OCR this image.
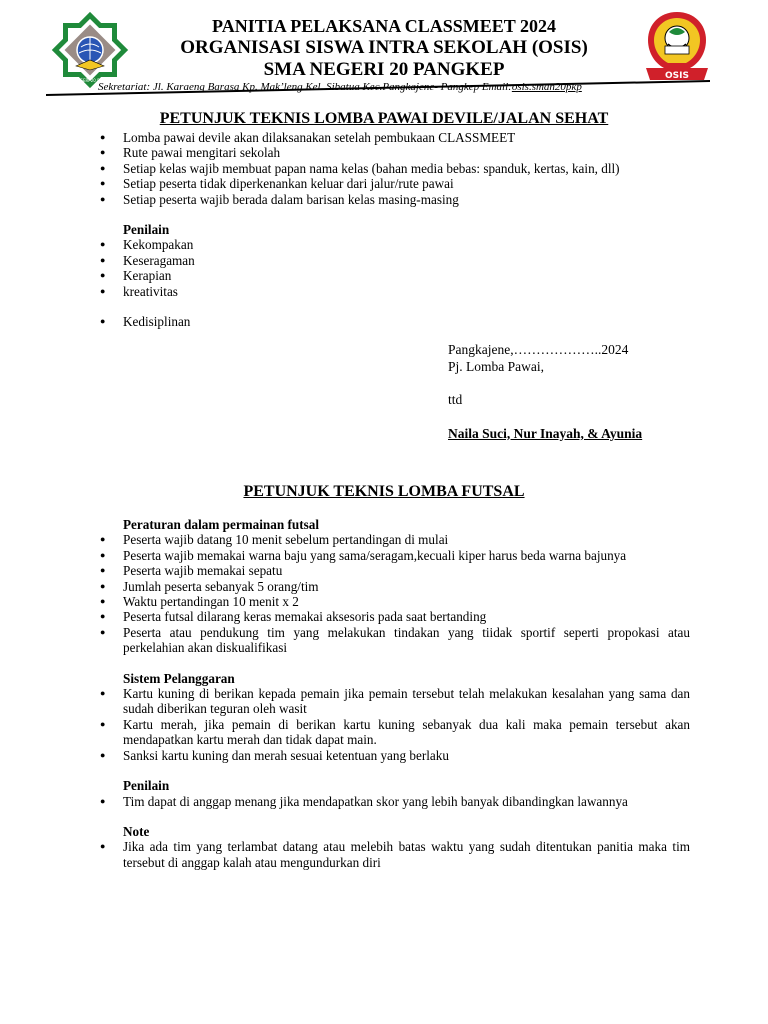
SMA NEGERI 20 PANGKEP
PANITIA PELAKSANA CLASSMEET 2024
ORGANISASI SISWA INTRA SEKOLAH (OSIS)
SMA NEGERI 20 PANGKEP	OSIS
Sekretariat: Jl. Karaeng Barasa Kp. Mak’leng Kel. Sibatua Kec.Pangkajene- Pangkep Email:osis.sman20pkp
PETUNJUK TEKNIS LOMBA PAWAI DEVILE/JALAN SEHAT
● Lomba pawai devile akan dilaksanakan setelah pembukaan CLASSMEET
● Rute pawai mengitari sekolah
● Setiap kelas wajib membuat papan nama kelas (bahan media bebas: spanduk, kertas, kain, dll)
● Setiap peserta tidak diperkenankan keluar dari jalur/rute pawai
● Setiap peserta wajib berada dalam barisan kelas masing-masing
Penilain
● Kekompakan
● Keseragaman
● Kerapian
● kreativitas
● Kedisiplinan
Pangkajene,………………..2024
Pj. Lomba Pawai,
ttd
Naila Suci, Nur Inayah, & Ayunia
PETUNJUK TEKNIS LOMBA FUTSAL
Peraturan dalam permainan futsal
● Peserta wajib datang 10 menit sebelum pertandingan di mulai
● Peserta wajib memakai warna baju yang sama/seragam,kecuali kiper harus beda warna bajunya
● Peserta wajib memakai sepatu
● Jumlah peserta sebanyak 5 orang/tim
● Waktu pertandingan 10 menit x 2
● Peserta futsal dilarang keras memakai aksesoris pada saat bertanding
● Peserta atau pendukung tim yang melakukan tindakan yang tiidak sportif seperti propokasi atau perkelahian akan diskualifikasi
Sistem Pelanggaran
● Kartu kuning di berikan kepada pemain jika pemain tersebut telah melakukan kesalahan yang sama dan sudah diberikan teguran oleh wasit
● Kartu merah, jika pemain di berikan kartu kuning sebanyak dua kali maka pemain tersebut akan mendapatkan kartu merah dan tidak dapat main.
● Sanksi kartu kuning dan merah sesuai ketentuan yang berlaku
Penilain
● Tim dapat di anggap menang jika mendapatkan skor yang lebih banyak dibandingkan lawannya
Note
● Jika ada tim yang terlambat datang atau melebih batas waktu yang sudah ditentukan panitia maka tim tersebut di anggap kalah atau mengundurkan diri
